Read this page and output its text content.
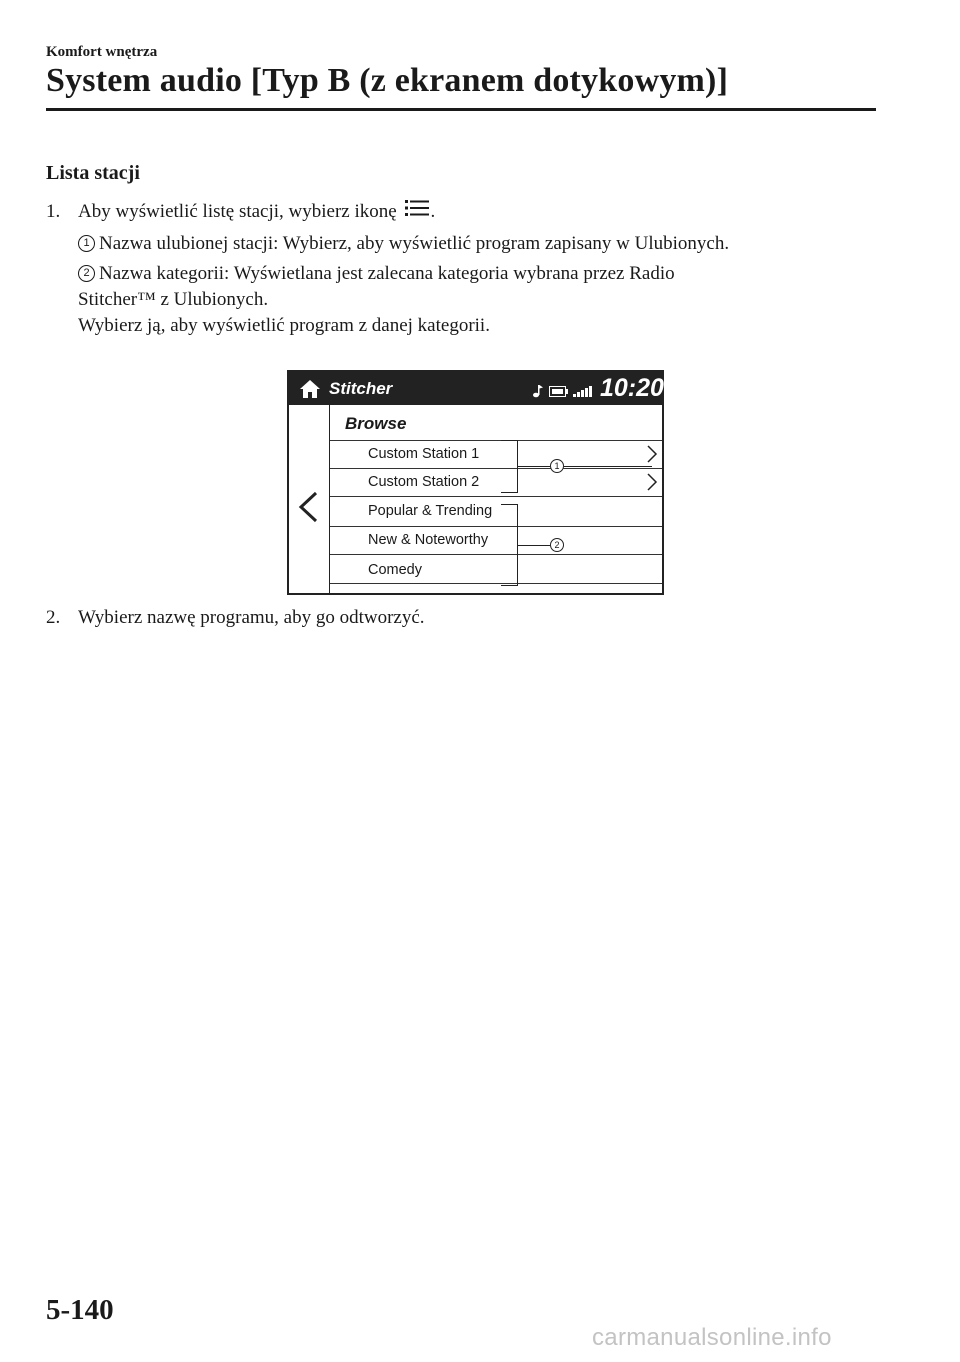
Komfort wnętrza
System audio [Typ B (z ekranem dotykowym)]
Lista stacji
1. Aby wyświetlić listę stacji, wybierz ikonę .
1 Nazwa ulubionej stacji: Wybierz, aby wyświetlić program zapisany w Ulubionych.
2 Nazwa kategorii: Wyświetlana jest zalecana kategoria wybrana przez Radio
Stitcher™ z Ulubionych.
Wybierz ją, aby wyświetlić program z danej kategorii.
Stitcher	10:20
Browse
Custom Station 1
Custom Station 2
Popular & Trending
New & Noteworthy
Comedy
1
2
2. Wybierz nazwę programu, aby go odtworzyć.
5-140
carmanualsonline.info
